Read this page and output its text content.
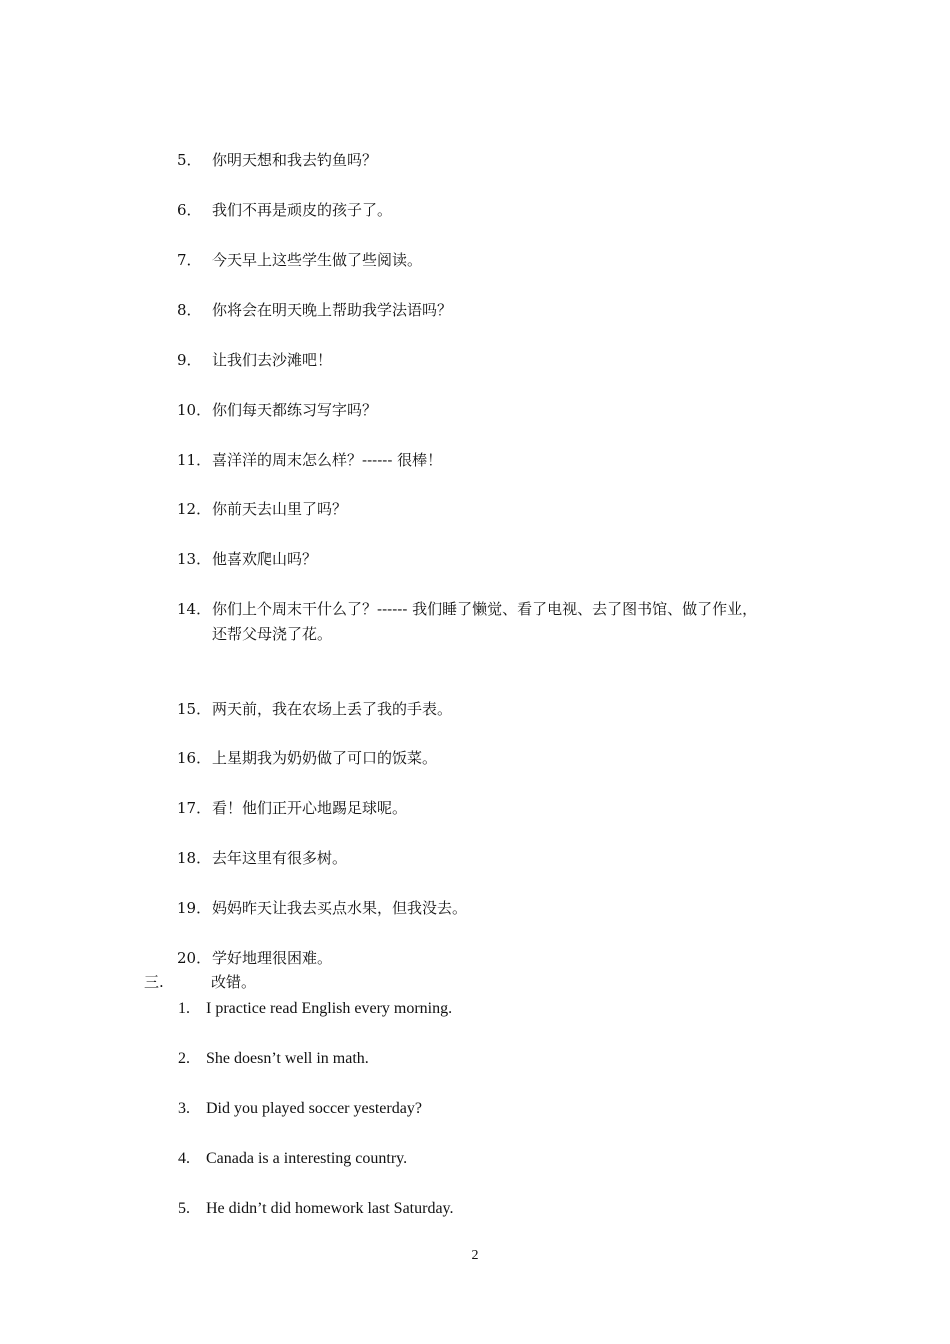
5． 你明天想和我去钓鱼吗？
6． 我们不再是顽皮的孩子了。
7． 今天早上这些学生做了些阅读。
8． 你将会在明天晚上帮助我学法语吗？
9． 让我们去沙滩吧！
10． 你们每天都练习写字吗？
11． 喜洋洋的周末怎么样？------ 很棒！
12． 你前天去山里了吗？
13． 他喜欢爬山吗？
14． 你们上个周末干什么了？------ 我们睡了懒觉、看了电视、去了图书馆、做了作业，
还帮父母浇了花。
15． 两天前，我在农场上丢了我的手表。
16． 上星期我为奶奶做了可口的饭菜。
17． 看！他们正开心地踢足球呢。
18． 去年这里有很多树。
19． 妈妈昨天让我去买点水果，但我没去。
20． 学好地理很困难。
三.	改错。
1. I practice read English every morning.
2. She doesn’t well in math.
3. Did you played soccer yesterday?
4. Canada is a interesting country.
5. He didn’t did homework last Saturday.
2
